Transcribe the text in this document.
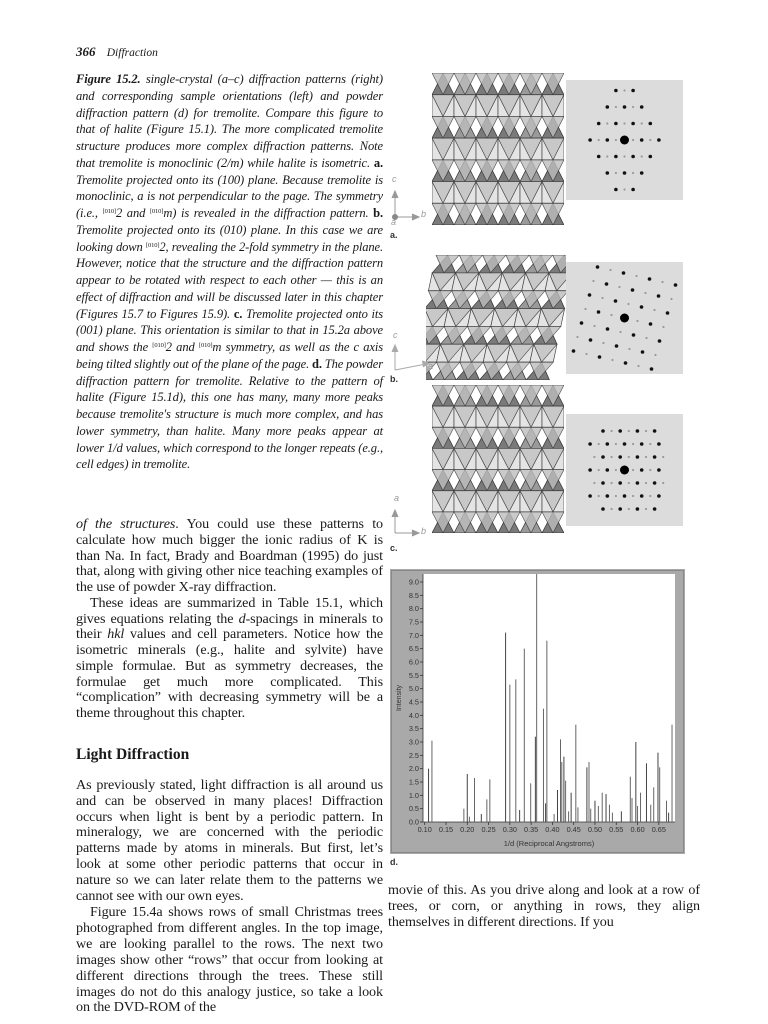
366 Diffraction
Figure 15.2. single-crystal (a–c) diffraction patterns (right) and corresponding sample orientations (left) and powder diffraction pattern (d) for tremolite. Compare this figure to that of halite (Figure 15.1). The more complicated tremolite structure produces more complex diffraction patterns. Note that tremolite is monoclinic (2/m) while halite is isometric. a. Tremolite projected onto its (100) plane. Because tremolite is monoclinic, a is not perpendicular to the page. The symmetry (i.e., [010]2 and [010]m) is revealed in the diffraction pattern. b. Tremolite projected onto its (010) plane. In this case we are looking down [010]2, revealing the 2-fold symmetry in the plane. However, notice that the structure and the diffraction pattern appear to be rotated with respect to each other — this is an effect of diffraction and will be discussed later in this chapter (Figures 15.7 to Figures 15.9). c. Tremolite projected onto its (001) plane. This orientation is similar to that in 15.2a above and shows the [010]2 and [010]m symmetry, as well as the c axis being tilted slightly out of the plane of the page. d. The powder diffraction pattern for tremolite. Relative to the pattern of halite (Figure 15.1d), this one has many, many more peaks because tremolite's structure is much more complex, and has lower symmetry, than halite. Many more peaks appear at lower 1/d values, which correspond to the longer repeats (e.g., cell edges) in tremolite.

of the structures. You could use these patterns to calculate how much bigger the ionic radius of K is than Na. In fact, Brady and Boardman (1995) do just that, along with giving other nice teaching examples of the use of powder X-ray diffraction.

These ideas are summarized in Table 15.1, which gives equations relating the d-spacings in minerals to their hkl values and cell parameters. Notice how the isometric minerals (e.g., halite and sylvite) have simple formulae. But as symmetry decreases, the formulae get much more complicated. This “complication” with decreasing symmetry will be a theme throughout this chapter.

Light Diffraction

As previously stated, light diffraction is all around us and can be observed in many places! Diffraction occurs when light is bent by a periodic pattern. In mineralogy, we are concerned with the periodic patterns made by atoms in minerals. But first, let’s look at some other periodic patterns that occur in nature so we can later relate them to the patterns we cannot see with our own eyes.

Figure 15.4a shows rows of small Christmas trees photographed from different angles. In the top image, we are looking parallel to the rows. The next two images show other “rows” that occur from looking at different directions through the trees. These still images do not do this analogy justice, so take a look on the DVD-ROM of the

movie of this. As you drive along and look at a row of trees, or corn, or anything in rows, they align themselves in different directions. If you

c
b
a
a.
c
a
b.
a
b
c.
0.0
0.5
1.0
1.5
2.0
2.5
3.0
3.5
4.0
4.5
5.0
5.5
6.0
6.5
7.0
7.5
8.0
8.5
9.0
0.10 0.15 0.20 0.25 0.30 0.35 0.40 0.45 0.50 0.55 0.60 0.65
1/d (Reciprocal Angstroms)
Intensity
d.
